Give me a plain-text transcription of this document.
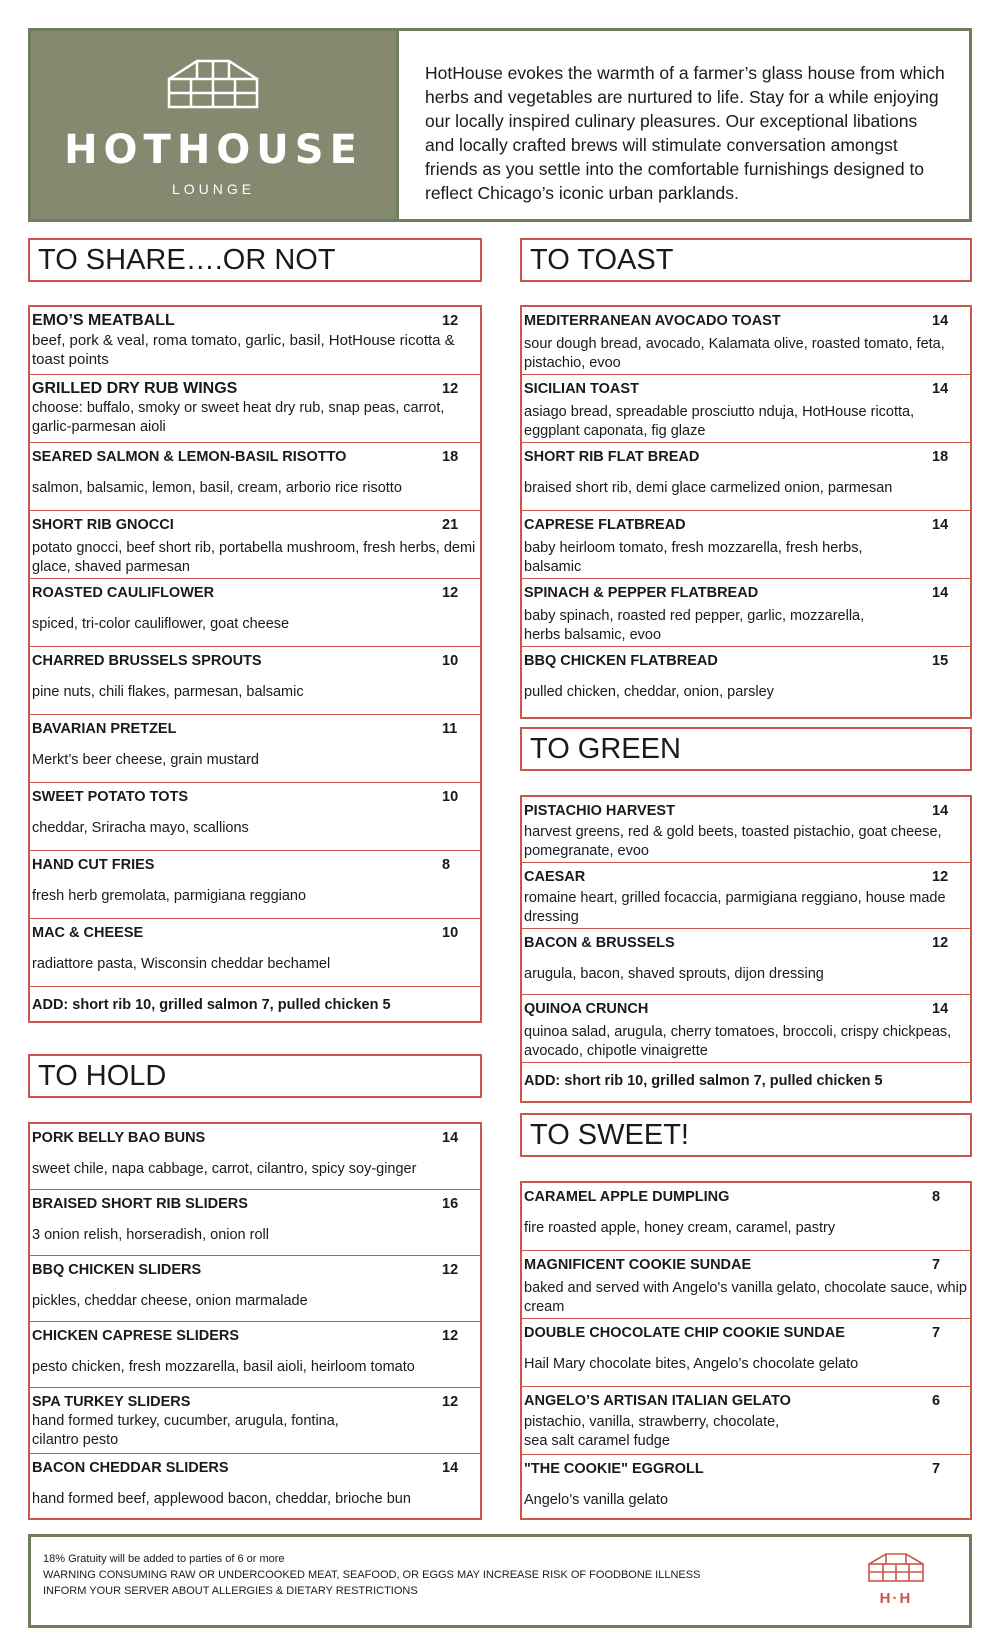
HOTHOUSE
LOUNGE
HotHouse evokes the warmth of a farmer’s glass house from which herbs and vegetables are nurtured to life. Stay for a while enjoying our locally inspired culinary pleasures. Our exceptional libations and locally crafted brews will stimulate conversation amongst friends as you settle into the comfortable furnishings designed to reflect Chicago’s iconic urban parklands.
TO SHARE….OR NOT	TO TOAST
TO GREEN
TO HOLD
TO SWEET!
EMO’S MEATBALL	12
beef, pork & veal, roma tomato, garlic, basil, HotHouse ricotta & toast points
GRILLED DRY RUB WINGS	12
choose: buffalo, smoky or sweet heat dry rub, snap peas, carrot, garlic-parmesan aioli
SEARED SALMON & LEMON-BASIL RISOTTO	18
salmon, balsamic, lemon, basil, cream, arborio rice risotto
SHORT RIB GNOCCI	21
potato gnocci, beef short rib, portabella mushroom, fresh herbs, demi glace, shaved parmesan
ROASTED CAULIFLOWER	12
spiced, tri-color cauliflower, goat cheese
CHARRED BRUSSELS SPROUTS	10
pine nuts, chili flakes, parmesan, balsamic
BAVARIAN PRETZEL	11
Merkt’s beer cheese, grain mustard
SWEET POTATO TOTS	10
cheddar, Sriracha mayo, scallions
HAND CUT FRIES	8
fresh herb gremolata, parmigiana reggiano
MAC & CHEESE	10
radiattore pasta, Wisconsin cheddar bechamel
ADD: short rib 10, grilled salmon 7, pulled chicken 5
PORK BELLY BAO BUNS	14
sweet chile, napa cabbage, carrot, cilantro, spicy soy-ginger
BRAISED SHORT RIB SLIDERS	16
3 onion relish, horseradish, onion roll
BBQ CHICKEN SLIDERS	12
pickles, cheddar cheese, onion marmalade
CHICKEN CAPRESE SLIDERS	12
pesto chicken, fresh mozzarella, basil aioli, heirloom tomato
SPA TURKEY SLIDERS	12
hand formed turkey, cucumber, arugula, fontina, cilantro pesto
BACON CHEDDAR SLIDERS	14
hand formed beef, applewood bacon, cheddar, brioche bun
MEDITERRANEAN AVOCADO TOAST	14
sour dough bread, avocado, Kalamata olive, roasted tomato, feta, pistachio, evoo
SICILIAN TOAST	14
asiago bread, spreadable prosciutto nduja, HotHouse ricotta, eggplant caponata, fig glaze
SHORT RIB FLAT BREAD	18
braised short rib, demi glace carmelized onion, parmesan
CAPRESE FLATBREAD	14
baby heirloom tomato, fresh mozzarella, fresh herbs, balsamic
SPINACH & PEPPER FLATBREAD	14
baby spinach, roasted red pepper, garlic, mozzarella, herbs balsamic, evoo
BBQ CHICKEN FLATBREAD	15
pulled chicken, cheddar, onion, parsley
PISTACHIO HARVEST	14
harvest greens, red & gold beets, toasted pistachio, goat cheese, pomegranate, evoo
CAESAR	12
romaine heart, grilled focaccia, parmigiana reggiano, house made dressing
BACON & BRUSSELS	12
arugula, bacon, shaved sprouts, dijon dressing
QUINOA CRUNCH	14
quinoa salad, arugula, cherry tomatoes, broccoli, crispy chickpeas, avocado, chipotle vinaigrette
ADD: short rib 10, grilled salmon 7, pulled chicken 5
CARAMEL APPLE DUMPLING	8
fire roasted apple, honey cream, caramel, pastry
MAGNIFICENT COOKIE SUNDAE	7
baked and served with Angelo's vanilla gelato, chocolate sauce, whip cream
DOUBLE CHOCOLATE CHIP COOKIE SUNDAE	7
Hail Mary chocolate bites, Angelo’s chocolate gelato
ANGELO’S ARTISAN ITALIAN GELATO	6
pistachio, vanilla, strawberry, chocolate, sea salt caramel fudge
"THE COOKIE" EGGROLL	7
Angelo’s vanilla gelato
18% Gratuity will be added to parties of 6 or more
WARNING CONSUMING RAW OR UNDERCOOKED MEAT, SEAFOOD, OR EGGS MAY INCREASE RISK OF FOODBONE ILLNESS
INFORM YOUR SERVER ABOUT ALLERGIES & DIETARY RESTRICTIONS	H·H
